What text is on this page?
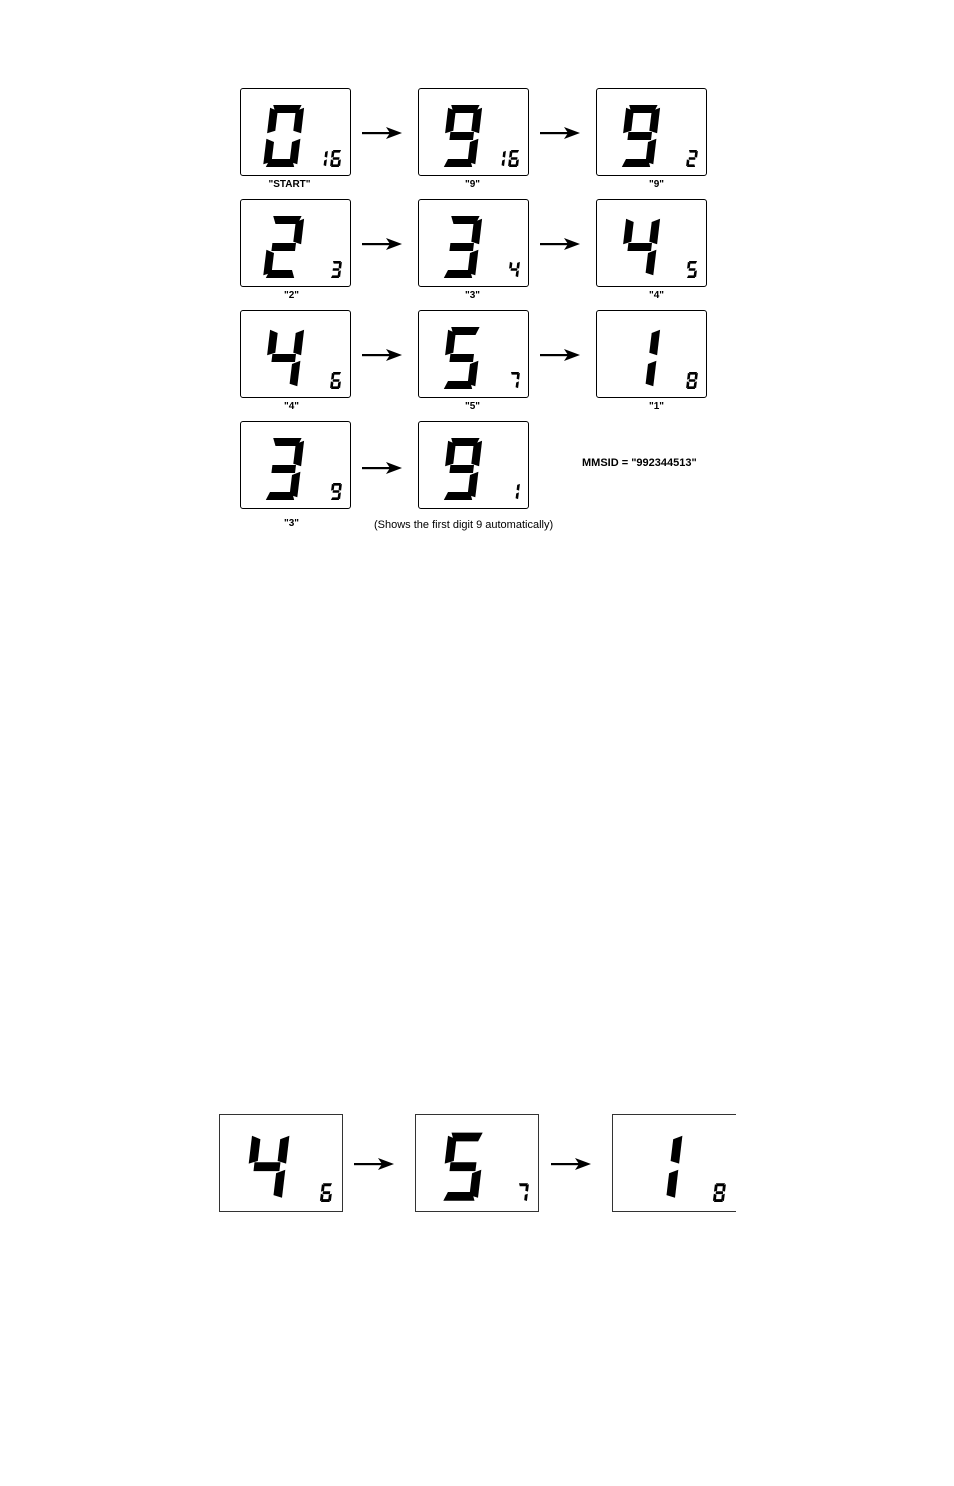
"START"	"9"	"9"
"2"	"3"	"4"
"4"	"5"	"1"
MMSID = "992344513"
"3"	(Shows the first digit 9 automatically)
